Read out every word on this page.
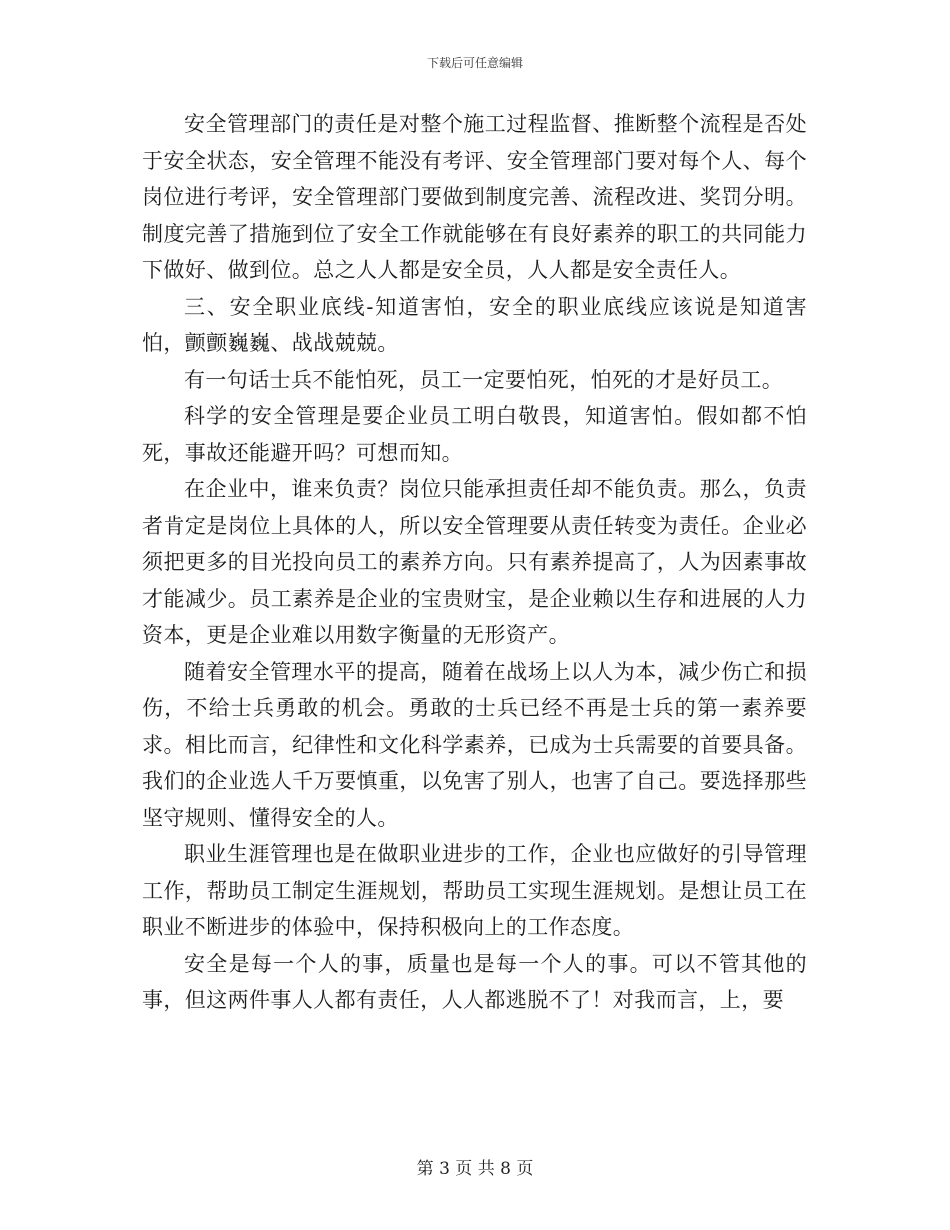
下载后可任意编辑

安全管理部门的责任是对整个施工过程监督、推断整个流程是否处于安全状态，安全管理不能没有考评、安全管理部门要对每个人、每个岗位进行考评，安全管理部门要做到制度完善、流程改进、奖罚分明。制度完善了措施到位了安全工作就能够在有良好素养的职工的共同能力下做好、做到位。总之人人都是安全员，人人都是安全责任人。

三、安全职业底线-知道害怕，安全的职业底线应该说是知道害怕，颤颤巍巍、战战兢兢。

有一句话士兵不能怕死，员工一定要怕死，怕死的才是好员工。

科学的安全管理是要企业员工明白敬畏，知道害怕。假如都不怕死，事故还能避开吗？可想而知。

在企业中，谁来负责？岗位只能承担责任却不能负责。那么，负责者肯定是岗位上具体的人，所以安全管理要从责任转变为责任。企业必须把更多的目光投向员工的素养方向。只有素养提高了，人为因素事故才能减少。员工素养是企业的宝贵财宝，是企业赖以生存和进展的人力资本，更是企业难以用数字衡量的无形资产。

随着安全管理水平的提高，随着在战场上以人为本，减少伤亡和损伤，不给士兵勇敢的机会。勇敢的士兵已经不再是士兵的第一素养要求。相比而言，纪律性和文化科学素养，已成为士兵需要的首要具备。我们的企业选人千万要慎重，以免害了别人，也害了自己。要选择那些坚守规则、懂得安全的人。

职业生涯管理也是在做职业进步的工作，企业也应做好的引导管理工作，帮助员工制定生涯规划，帮助员工实现生涯规划。是想让员工在职业不断进步的体验中，保持积极向上的工作态度。

安全是每一个人的事，质量也是每一个人的事。可以不管其他的事，但这两件事人人都有责任，人人都逃脱不了！对我而言，上，要

第 3 页 共 8 页
